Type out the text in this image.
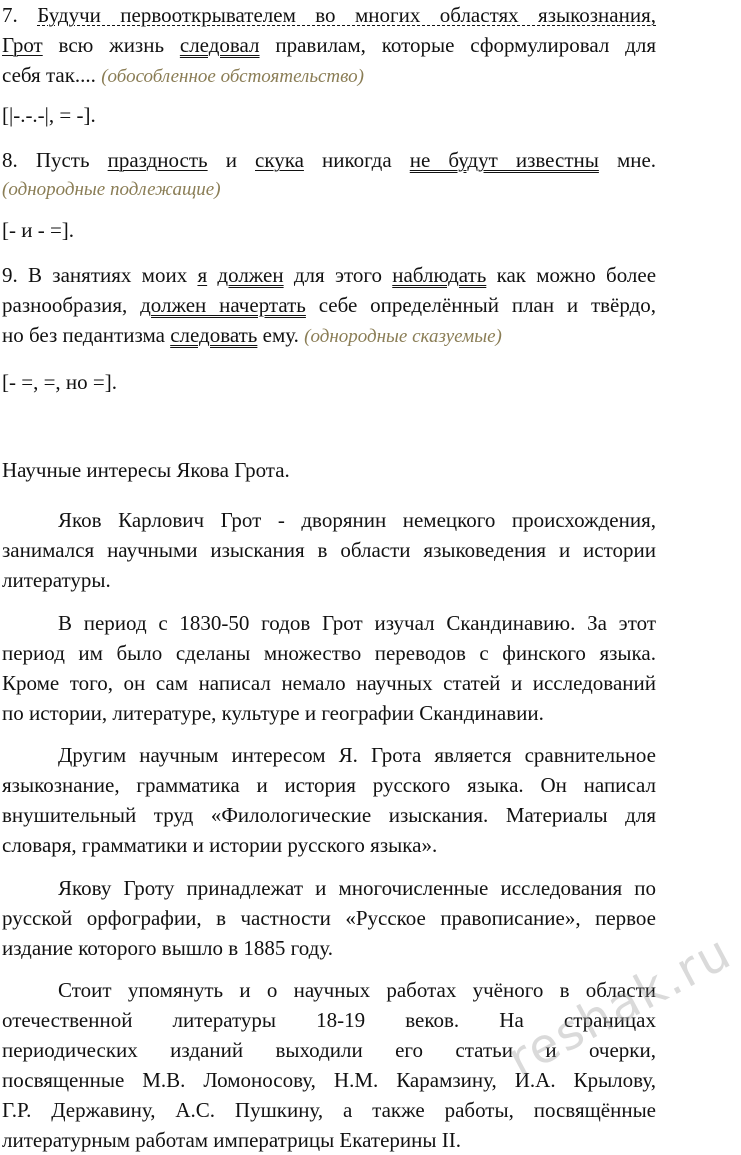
7. Будучи первооткрывателем во многих областях языкознания,
Грот всю жизнь следовал правилам, которые сформулировал для
себя так.... (обособленное обстоятельство)
[|-.-.-|, = -].
8. Пусть праздность и скука никогда не будут известны мне.
(однородные подлежащие)
[- и - =].
9. В занятиях моих я должен для этого наблюдать как можно более
разнообразия, должен начертать себе определённый план и твёрдо,
но без педантизма следовать ему. (однородные сказуемые)
[- =, =, но =].
Научные интересы Якова Грота.
Яков Карлович Грот - дворянин немецкого происхождения,
занимался научными изыскания в области языковедения и истории
литературы.
В период с 1830-50 годов Грот изучал Скандинавию. За этот
период им было сделаны множество переводов с финского языка.
Кроме того, он сам написал немало научных статей и исследований
по истории, литературе, культуре и географии Скандинавии.
Другим научным интересом Я. Грота является сравнительное
языкознание, грамматика и история русского языка. Он написал
внушительный труд «Филологические изыскания. Материалы для
словаря, грамматики и истории русского языка».
Якову Гроту принадлежат и многочисленные исследования по
русской орфографии, в частности «Русское правописание», первое
издание которого вышло в 1885 году.
Стоит упомянуть и о научных работах учёного в области
отечественной литературы 18-19 веков. На страницах
периодических изданий выходили его статьи и очерки,
посвященные М.В. Ломоносову, Н.М. Карамзину, И.А. Крылову,
Г.Р. Державину, А.С. Пушкину, а также работы, посвящённые
литературным работам императрицы Екатерины II.
reshak.ru
